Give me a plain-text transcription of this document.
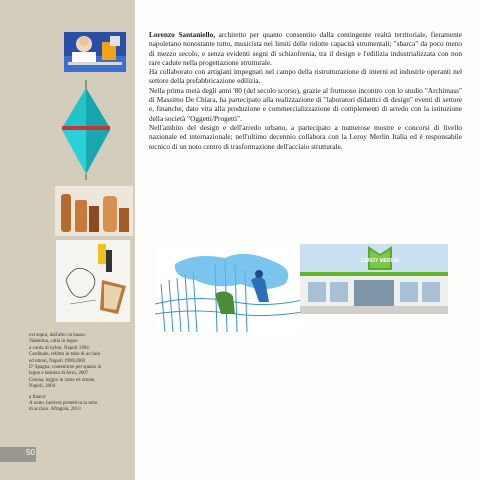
ext sopra, dall'alto: in basso:

Valentina, culla in legno

a corda di nylon, Napoli 1994

Cardinale, reliitto in tubo di acciaio

ed ottoni, Napoli 1990/2002

D' Spagna, contenitore per spazio in

legno e lamiera di ferro, 2007

Cetona, leggio in rame ed ottone,

Napoli, 2004

a fianco:

A notte, barriera protettiva in tubo

di acciaio. Afragola, 2013

50

Lorenzo Santaniello, architetto per quanto consentito dalla contingente realtà territoriale, fieramente napoletano nonostante tutto, musicista nei limiti delle ridotte capacità strumentali; "sbarca" da poco meno di mezzo secolo, e senza evidenti segni di schizofrenia, tra il design e l'edilizia industrializzata con non rare cadute nella progettazione strutturale.

Ha collaborato con artigiani impegnati nel campo della ristrutturazione di interni ed industrie operanti nel settore della prefabbricazione edilizia.

Nella prima metà degli anni '80 (del secolo scorso), grazie al fruttuoso incontro con lo studio "Archimass" di Massimo De Chiara, ha partecipato alla realizzazione di "laboratori didattici di design" eventi di settore e, finanche, dato vita alla produzione e commercializzazione di complementi di arredo con la istituzione della società "Oggetti/Progetti".

Nell'ambito del design e dell'arredo urbano, a partecipato a numerose mostre e concorsi di livello nazionale ed internazionale; nell'ultimo decennio collabora con la Leroy Merlin Italia ed è responsabile tecnico di un noto centro di trasformazione dell'acciaio strutturale.

LEROY MERLIN
